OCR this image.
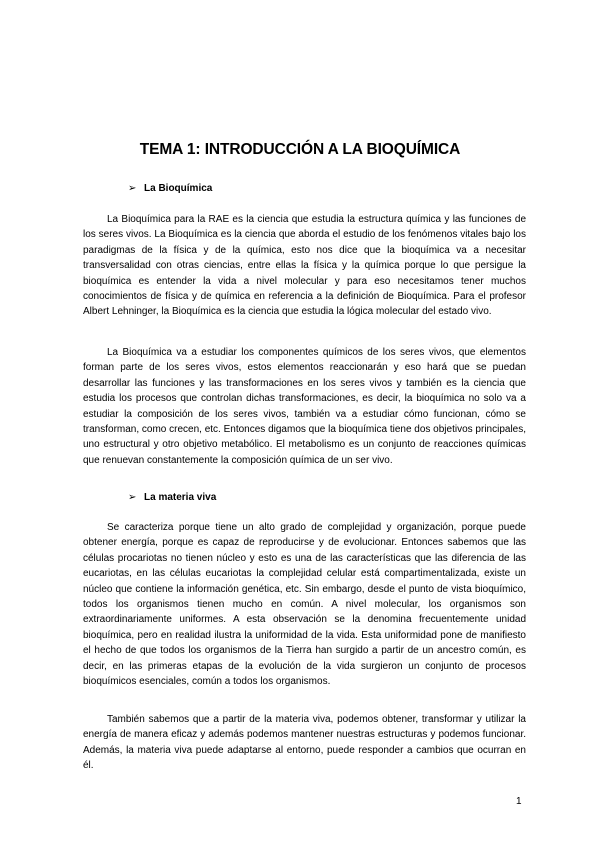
TEMA 1: INTRODUCCIÓN A LA BIOQUÍMICA
➢ La Bioquímica

La Bioquímica para la RAE es la ciencia que estudia la estructura química y las funciones de los seres vivos. La Bioquímica es la ciencia que aborda el estudio de los fenómenos vitales bajo los paradigmas de la física y de la química, esto nos dice que la bioquímica va a necesitar transversalidad con otras ciencias, entre ellas la física y la química porque lo que persigue la bioquímica es entender la vida a nivel molecular y para eso necesitamos tener muchos conocimientos de física y de química en referencia a la definición de Bioquímica. Para el profesor Albert Lehninger, la Bioquímica es la ciencia que estudia la lógica molecular del estado vivo.

La Bioquímica va a estudiar los componentes químicos de los seres vivos, que elementos forman parte de los seres vivos, estos elementos reaccionarán y eso hará que se puedan desarrollar las funciones y las transformaciones en los seres vivos y también es la ciencia que estudia los procesos que controlan dichas transformaciones, es decir, la bioquímica no solo va a estudiar la composición de los seres vivos, también va a estudiar cómo funcionan, cómo se transforman, como crecen, etc. Entonces digamos que la bioquímica tiene dos objetivos principales, uno estructural y otro objetivo metabólico. El metabolismo es un conjunto de reacciones químicas que renuevan constantemente la composición química de un ser vivo.

➢ La materia viva

Se caracteriza porque tiene un alto grado de complejidad y organización, porque puede obtener energía, porque es capaz de reproducirse y de evolucionar. Entonces sabemos que las células procariotas no tienen núcleo y esto es una de las características que las diferencia de las eucariotas, en las células eucariotas la complejidad celular está compartimentalizada, existe un núcleo que contiene la información genética, etc. Sin embargo, desde el punto de vista bioquímico, todos los organismos tienen mucho en común. A nivel molecular, los organismos son extraordinariamente uniformes. A esta observación se la denomina frecuentemente unidad bioquímica, pero en realidad ilustra la uniformidad de la vida. Esta uniformidad pone de manifiesto el hecho de que todos los organismos de la Tierra han surgido a partir de un ancestro común, es decir, en las primeras etapas de la evolución de la vida surgieron un conjunto de procesos bioquímicos esenciales, común a todos los organismos.

También sabemos que a partir de la materia viva, podemos obtener, transformar y utilizar la energía de manera eficaz y además podemos mantener nuestras estructuras y podemos funcionar. Además, la materia viva puede adaptarse al entorno, puede responder a cambios que ocurran en él.

1
